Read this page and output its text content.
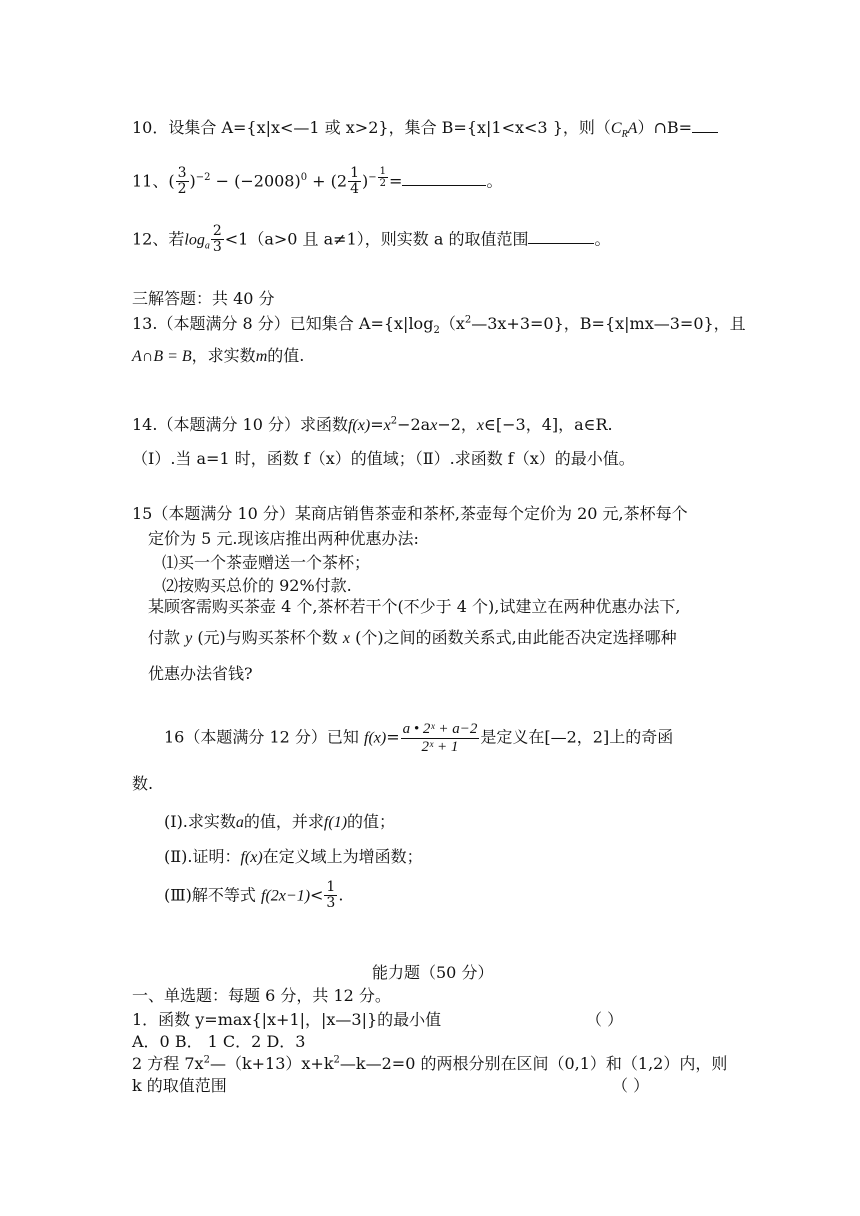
10．设集合 A={x|x<—1 或 x>2}，集合 B={x|1<x<3 }，则$(C_RA)\cap B=$
11、( $\frac{3}{2} )^{-2} - (-2008)^0 + (2 \frac{1}{4} )^{- \frac{1}{2}}$ =	。
12、若$\log_a \frac{2}{3} <1(a>0$ 且 a≠1），则实数 a 的取值范围	。
三解答题：共 40 分
13.（本题满分 8 分）已知集合 $A=\{x|\log_2(x^2—3x+3=0\}$，B={x|mx—3=0}，且
A∩B = B，求实数m的值.
14.（本题满分 10 分）求函数$f(x)=x^2-2ax-2$，x∈[−3，4]，a∈R.
（Ⅰ）.当 a=1 时，函数 f（x）的值域；（Ⅱ）.求函数 f（x）的最小值。
15（本题满分 10 分）某商店销售茶壶和茶杯,茶壶每个定价为 20 元,茶杯每个
定价为 5 元.现该店推出两种优惠办法:
⑴买一个茶壶赠送一个茶杯；
⑵按购买总价的 92%付款.
某顾客需购买茶壶 4 个,茶杯若干个(不少于 4 个),试建立在两种优惠办法下,
付款 y (元)与购买茶杯个数 x (个)之间的函数关系式,由此能否决定选择哪种
优惠办法省钱?
16（本题满分 12 分）已知 $f(x)= \frac{\text{a • 2ˣ + a−2}}{\text{2ˣ + 1}}$ 是定义在[—2，2]上的奇函
数.
(Ⅰ).求实数a的值，并求f(1)的值；
(Ⅱ).证明：f(x)在定义域上为增函数；
(Ⅲ)解不等式 $f(2x-1)< \frac{1}{3}$ .
能力题（50 分）
一、单选题：每题 6 分，共 12 分。
1．函数 y=max{|x+1|，|x—3|}的最小值	（ ）
A．0 B． 1 C．2 D．3
2 方程 $7x^2—(k+13)x+k^2—k—2=0$ 的两根分别在区间（0,1）和（1,2）内，则
k 的取值范围	（ ）
